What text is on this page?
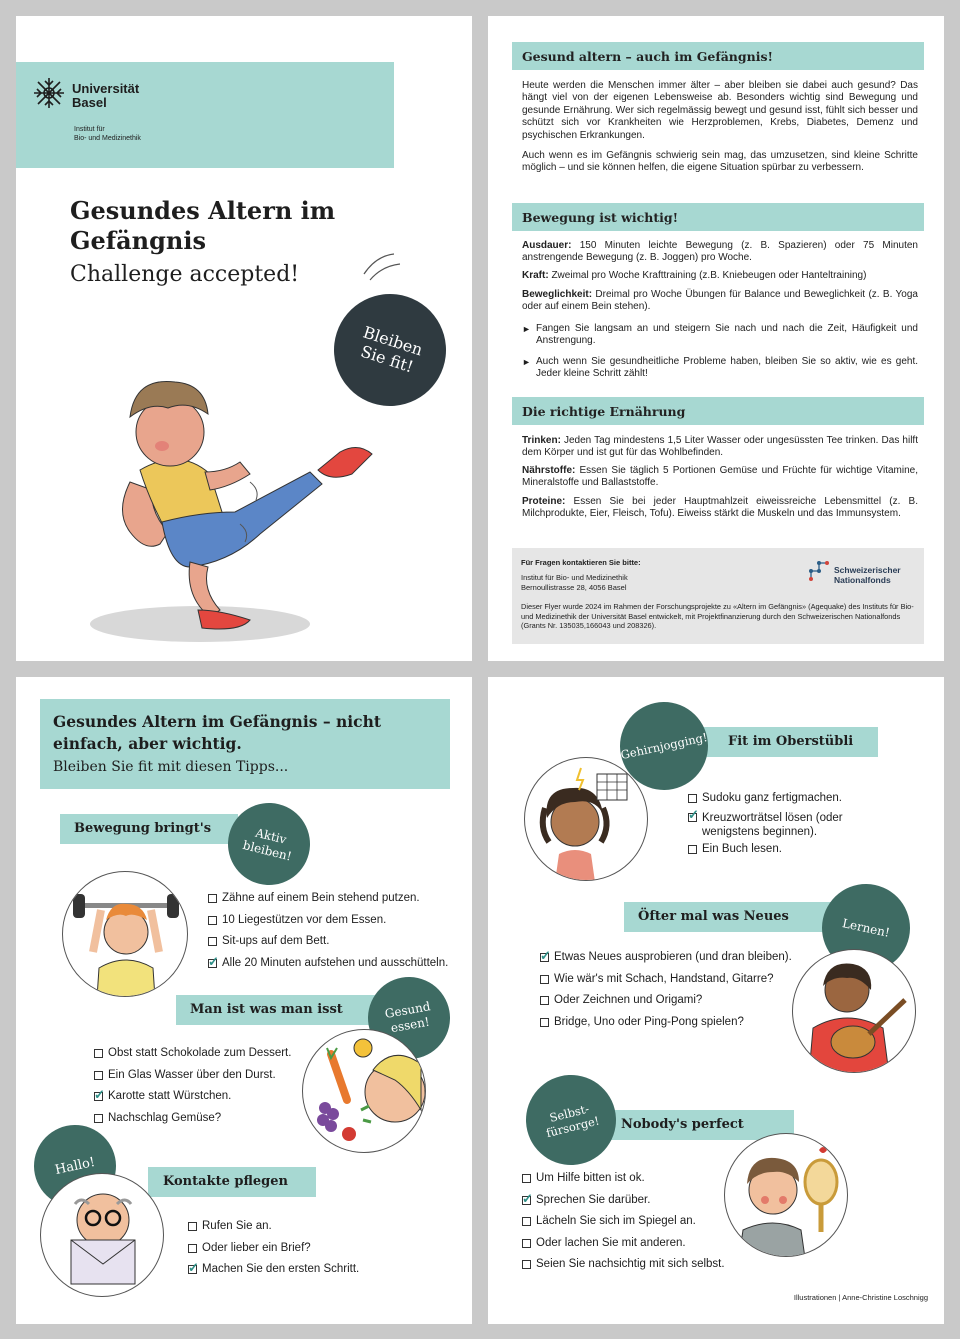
Universität Basel
Institut für
Bio- und Medizinethik
Gesundes Altern im
Gefängnis
Challenge accepted!
Bleiben Sie fit!
Gesund altern – auch im Gefängnis!
Heute werden die Menschen immer älter – aber bleiben sie dabei auch gesund? Das hängt viel von der eigenen Lebensweise ab. Besonders wichtig sind Bewegung und gesunde Ernährung. Wer sich regelmässig bewegt und gesund isst, fühlt sich besser und schützt sich vor Krankheiten wie Herzproblemen, Krebs, Diabetes, Demenz und psychischen Erkrankungen.
Auch wenn es im Gefängnis schwierig sein mag, das umzusetzen, sind kleine Schritte möglich – und sie können helfen, die eigene Situation spürbar zu verbessern.
Bewegung ist wichtig!
Ausdauer: 150 Minuten leichte Bewegung (z. B. Spazieren) oder 75 Minuten anstrengende Bewegung (z. B. Joggen) pro Woche.
Kraft: Zweimal pro Woche Krafttraining (z.B. Kniebeugen oder Hanteltraining)
Beweglichkeit: Dreimal pro Woche Übungen für Balance und Beweglichkeit (z. B. Yoga oder auf einem Bein stehen).
► Fangen Sie langsam an und steigern Sie nach und nach die Zeit, Häufigkeit und Anstrengung.
► Auch wenn Sie gesundheitliche Probleme haben, bleiben Sie so aktiv, wie es geht. Jeder kleine Schritt zählt!
Die richtige Ernährung
Trinken: Jeden Tag mindestens 1,5 Liter Wasser oder ungesüssten Tee trinken. Das hilft dem Körper und ist gut für das Wohlbefinden.
Nährstoffe: Essen Sie täglich 5 Portionen Gemüse und Früchte für wichtige Vitamine, Mineralstoffe und Ballaststoffe.
Proteine: Essen Sie bei jeder Hauptmahlzeit eiweissreiche Lebensmittel (z. B. Milchprodukte, Eier, Fleisch, Tofu). Eiweiss stärkt die Muskeln und das Immunsystem.
Für Fragen kontaktieren Sie bitte:
Institut für Bio- und Medizinethik
Bernoullistrasse 28, 4056 Basel
Schweizerischer
Nationalfonds
Dieser Flyer wurde 2024 im Rahmen der Forschungsprojekte zu «Altern im Gefängnis» (Agequake) des Instituts für Bio- und Medizinethik der Universität Basel entwickelt, mit Projektfinanzierung durch den Schweizerischen Nationalfonds (Grants Nr. 135035,166043 und 208326).
Gesundes Altern im Gefängnis – nicht
einfach, aber wichtig.
Bleiben Sie fit mit diesen Tipps...
Bewegung bringt's	Aktiv bleiben!
Zähne auf einem Bein stehend putzen.
10 Liegestützen vor dem Essen.
Sit-ups auf dem Bett.
✓
Alle 20 Minuten aufstehen und ausschütteln.
Man ist was man isst	Gesund essen!
Obst statt Schokolade zum Dessert.
Ein Glas Wasser über den Durst.
✓
Karotte statt Würstchen.
Nachschlag Gemüse?
Hallo!
Kontakte pflegen
Rufen Sie an.
Oder lieber ein Brief?
✓
Machen Sie den ersten Schritt.
Fit im Oberstübli
Gehirnjogging!
Sudoku ganz fertigmachen.
✓
Kreuzworträtsel lösen (oder
wenigstens beginnen).
Ein Buch lesen.
Öfter mal was Neues	Lernen!
✓
Etwas Neues ausprobieren (und dran bleiben).
Wie wär's mit Schach, Handstand, Gitarre?
Oder Zeichnen und Origami?
Bridge, Uno oder Ping-Pong spielen?
Nobody's perfect
Selbst-fürsorge!
Um Hilfe bitten ist ok.
✓
Sprechen Sie darüber.
Lächeln Sie sich im Spiegel an.
Oder lachen Sie mit anderen.
Seien Sie nachsichtig mit sich selbst.
Illustrationen | Anne-Christine Loschnigg
